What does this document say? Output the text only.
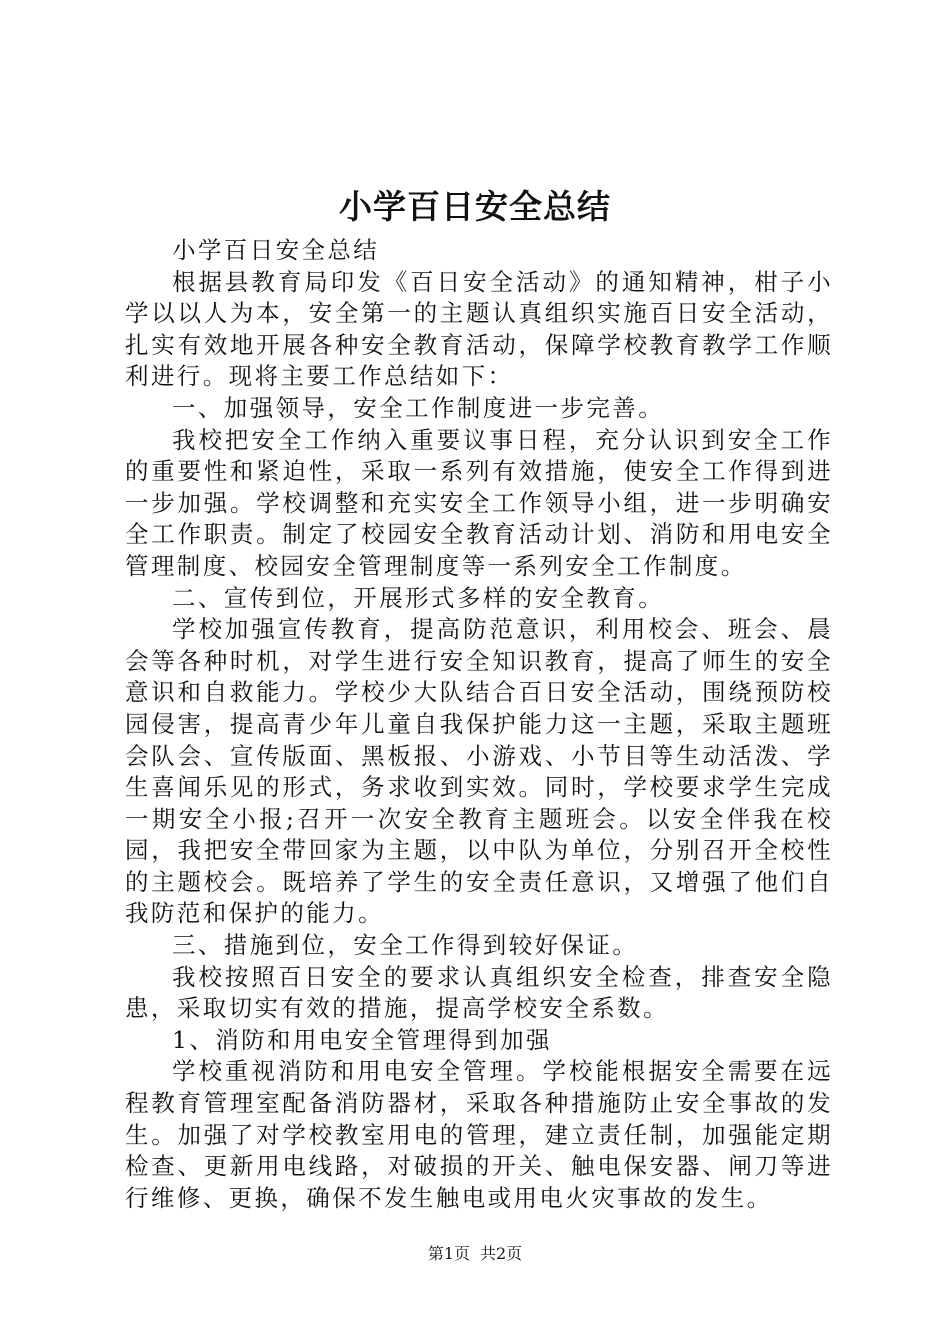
小学百日安全总结

小学百日安全总结

根据县教育局印发《百日安全活动》的通知精神，柑子小学以以人为本，安全第一的主题认真组织实施百日安全活动，扎实有效地开展各种安全教育活动，保障学校教育教学工作顺利进行。现将主要工作总结如下：

一、加强领导，安全工作制度进一步完善。

我校把安全工作纳入重要议事日程，充分认识到安全工作的重要性和紧迫性，采取一系列有效措施，使安全工作得到进一步加强。学校调整和充实安全工作领导小组，进一步明确安全工作职责。制定了校园安全教育活动计划、消防和用电安全管理制度、校园安全管理制度等一系列安全工作制度。

二、宣传到位，开展形式多样的安全教育。

学校加强宣传教育，提高防范意识，利用校会、班会、晨会等各种时机，对学生进行安全知识教育，提高了师生的安全意识和自救能力。学校少大队结合百日安全活动，围绕预防校园侵害，提高青少年儿童自我保护能力这一主题，采取主题班会队会、宣传版面、黑板报、小游戏、小节目等生动活泼、学生喜闻乐见的形式，务求收到实效。同时，学校要求学生完成一期安全小报;召开一次安全教育主题班会。以安全伴我在校园，我把安全带回家为主题，以中队为单位，分别召开全校性的主题校会。既培养了学生的安全责任意识，又增强了他们自我防范和保护的能力。

三、措施到位，安全工作得到较好保证。

我校按照百日安全的要求认真组织安全检查，排查安全隐患，采取切实有效的措施，提高学校安全系数。

1、消防和用电安全管理得到加强

学校重视消防和用电安全管理。学校能根据安全需要在远程教育管理室配备消防器材，采取各种措施防止安全事故的发生。加强了对学校教室用电的管理，建立责任制，加强能定期检查、更新用电线路，对破损的开关、触电保安器、闸刀等进行维修、更换，确保不发生触电或用电火灾事故的发生。

第1页 共2页
